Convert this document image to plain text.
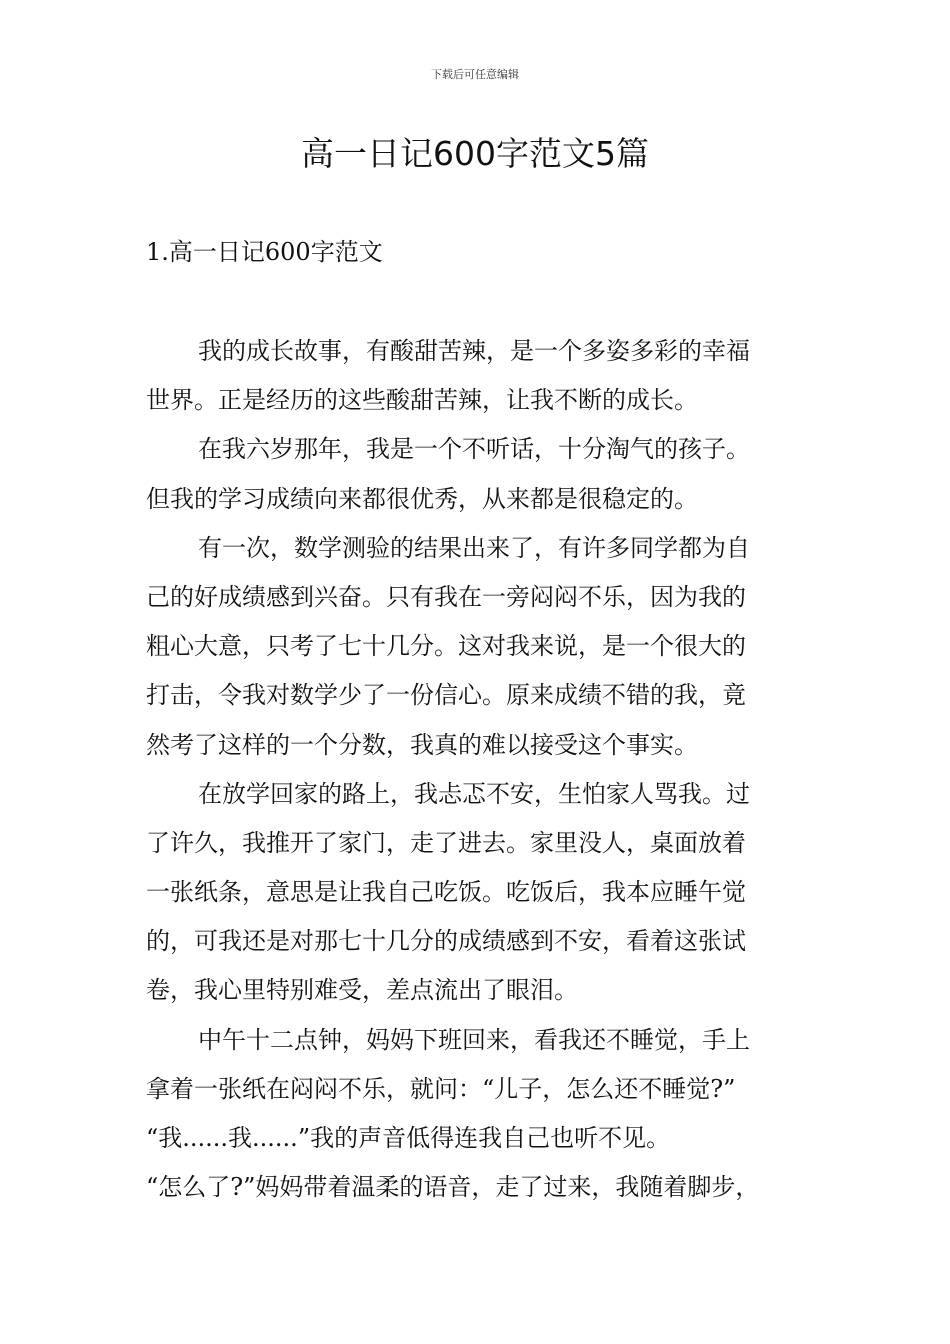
下载后可任意编辑
高一日记600字范文5篇
1.高一日记600字范文
我的成长故事，有酸甜苦辣，是一个多姿多彩的幸福
世界。正是经历的这些酸甜苦辣，让我不断的成长。
在我六岁那年，我是一个不听话，十分淘气的孩子。
但我的学习成绩向来都很优秀，从来都是很稳定的。
有一次，数学测验的结果出来了，有许多同学都为自
己的好成绩感到兴奋。只有我在一旁闷闷不乐，因为我的
粗心大意，只考了七十几分。这对我来说，是一个很大的
打击，令我对数学少了一份信心。原来成绩不错的我，竟
然考了这样的一个分数，我真的难以接受这个事实。
在放学回家的路上，我忐忑不安，生怕家人骂我。过
了许久，我推开了家门，走了进去。家里没人，桌面放着
一张纸条，意思是让我自己吃饭。吃饭后，我本应睡午觉
的，可我还是对那七十几分的成绩感到不安，看着这张试
卷，我心里特别难受，差点流出了眼泪。
中午十二点钟，妈妈下班回来，看我还不睡觉，手上
拿着一张纸在闷闷不乐，就问：“儿子，怎么还不睡觉?”
“我......我......”我的声音低得连我自己也听不见。
“怎么了?”妈妈带着温柔的语音，走了过来，我随着脚步，
